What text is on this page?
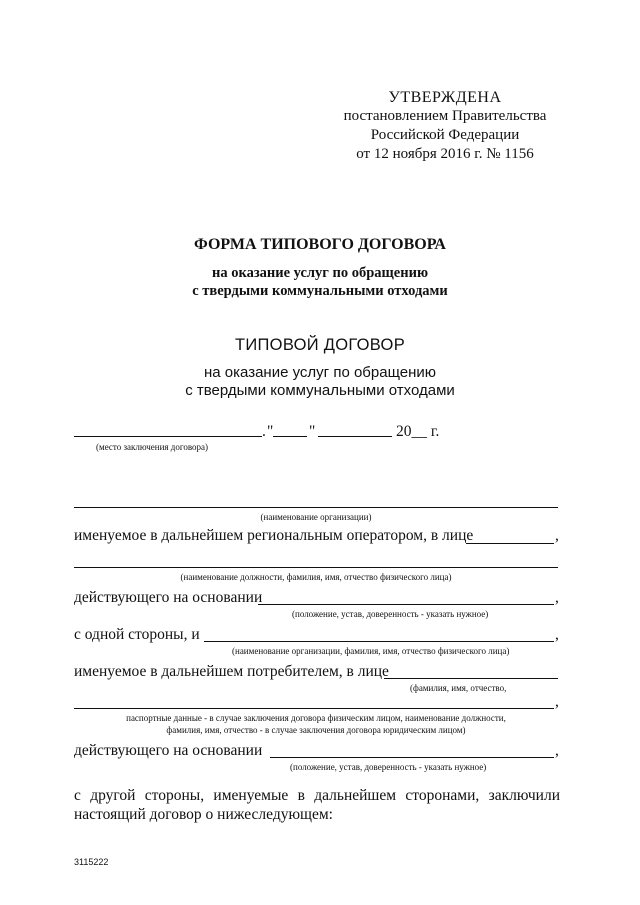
УТВЕРЖДЕНА
постановлением Правительства
Российской Федерации
от 12 ноября 2016 г. № 1156
ФОРМА ТИПОВОГО ДОГОВОРА
на оказание услуг по обращению
с твердыми коммунальными отходами
ТИПОВОЙ ДОГОВОР
на оказание услуг по обращению
с твердыми коммунальными отходами
. " "	20__ г.
(место заключения договора)
(наименование организации)
именуемое в дальнейшем региональным оператором, в лице	,
(наименование должности, фамилия, имя, отчество физического лица)
действующего на основании	,
(положение, устав, доверенность - указать нужное)
с одной стороны, и	,
(наименование организации, фамилия, имя, отчество физического лица)
именуемое в дальнейшем потребителем, в лице
(фамилия, имя, отчество,
,
паспортные данные - в случае заключения договора физическим лицом, наименование должности,
фамилия, имя, отчество - в случае заключения договора юридическим лицом)
действующего на основании	,
(положение, устав, доверенность - указать нужное)
с другой стороны, именуемые в дальнейшем сторонами, заключили настоящий договор о нижеследующем:
3115222
